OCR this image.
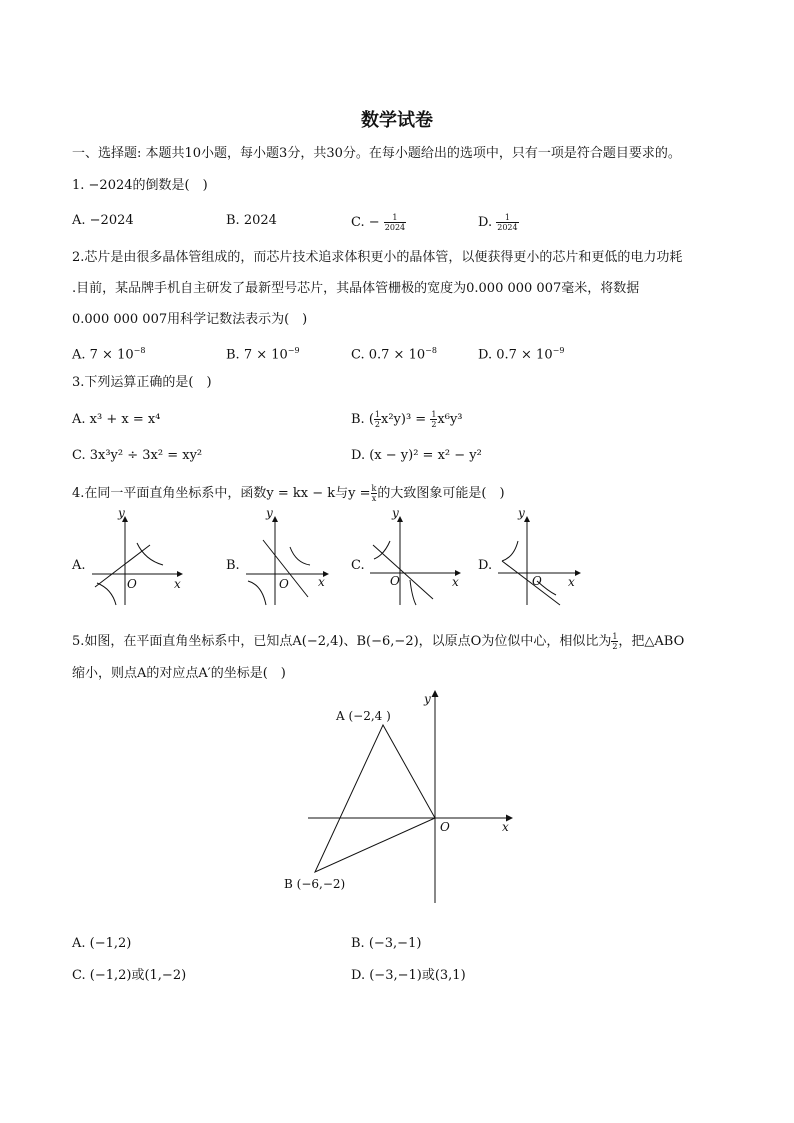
数学试卷
一、选择题: 本题共10小题，每小题3分，共30分。在每小题给出的选项中，只有一项是符合题目要求的。
1. −2024的倒数是(　)
A. −2024	B. 2024	C. − $\frac{1}{2024}$	D. $\frac{1}{2024}$
2.芯片是由很多晶体管组成的，而芯片技术追求体积更小的晶体管，以便获得更小的芯片和更低的电力功耗
.目前，某品牌手机自主研发了最新型号芯片，其晶体管栅极的宽度为0.000 000 007毫米，将数据
0.000 000 007用科学记数法表示为(　)
A. $7 \times 10^{-8}$	B. $7 \times 10^{-9}$	C. $0.7 \times 10^{-8}$	D. $0.7 \times 10^{-9}$
3.下列运算正确的是(　)
A. x³ + x = x⁴	B. ( $\frac{1}{2} x^2y)^3 = \frac{1}{2} x^6y^3$
C. 3x³y² ÷ 3x² = xy²	D. (x − y)² = x² − y²
4.在同一平面直角坐标系中，函数y = kx − k与$y = \frac{k}{x}$ 的大致图象可能是(　)
A.
y
x
O
B.
y
x
O
C.
y
x
O
D.
y
x
O
5.如图，在平面直角坐标系中，已知点A(−2,4)、B(−6,−2)，以原点O为位似中心，相似比为 $\frac{1}{2}$ ，把△ABO
缩小，则点A的对应点A′的坐标是(　)
A (−2,4 )
B (−6,−2)
O	x
y
A. (−1,2)	B. (−3,−1)
C. (−1,2)或(1,−2)	D. (−3,−1)或(3,1)
